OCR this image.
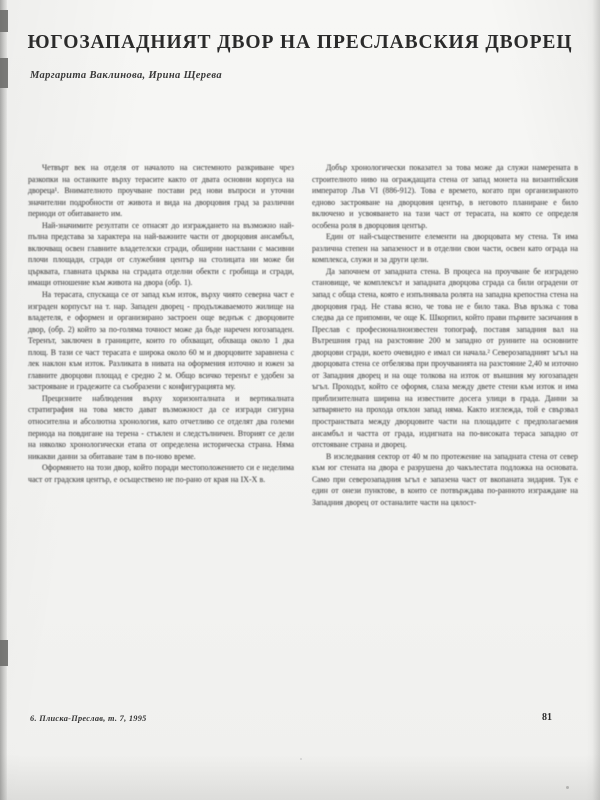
ЮГОЗАПАДНИЯТ ДВОР НА ПРЕСЛАВСКИЯ ДВОРЕЦ
Маргарита Ваклинова, Ирина Щерева

Четвърт век на отделя от началото на системното разкриване чрез разкопки на останките върху терасите както от двата основни корпуса на двореца¹. Внимателното проучване постави ред нови въпроси и уточни значителни подробности от живота и вида на дворцовия град за различни периоди от обитаването им.

Най-значимите резултати се отнасят до изграждането на възможно най-пълна представа за характера на най-важните части от дворцовия ансамбъл, включващ освен главните владетелски сгради, обширни настлани с масивни плочи площади, сгради от служебния център на столицата ни може би църквата, главната църква на сградата отделни обекти с гробища и сгради, имащи отношение към живота на двора (обр. 1).

На терасата, спускаща се от запад към изток, върху чиято северна част е изграден корпусът на т. нар. Западен дворец - продължаваемото жилище на владетеля, е оформен и организирано застроен още веднъж с дворцовите двор, (обр. 2) който за по-голяма точност може да бъде наречен югозападен. Теренът, заключен в границите, които го обхващат, обхваща около 1 дка площ. В тази се част терасата е широка около 60 м и дворцовите заравнена с лек наклон към изток. Разликата в нивата на оформения източно и южен за главните дворцови площад е средно 2 м. Общо всичко теренът е удобен за застрояване и градежите са съобразени с конфигурацията му.

Прецизните наблюдения върху хоризонталната и вертикалната стратиграфия на това място дават възможност да се изгради сигурна относителна и абсолютна хронология, като отчетливо се отделят два големи периода на повдигане на терена - стъклен и следстълничен. Вторият се дели на няколко хронологически етапа от определена историческа страна. Няма никакви данни за обитаване там в по-ново време.

Оформянето на този двор, който поради местоположението си е неделима част от градския център, е осъществено не по-рано от края на IX-X в.

Добър хронологически показател за това може да служи намерената в строителното ниво на ограждащата стена от запад монета на византийския император Лъв VI (886-912). Това е времето, когато при организираното едново застрояване на дворцовия център, в неговото планиране е било включено и усвояването на тази част от терасата, на която се определя особена роля в дворцовия център.

Един от най-съществените елементи на дворцовата му стена. Тя има различна степен на запазеност и в отделни свои части, освен като ограда на комплекса, служи и за други цели.

Да започнем от западната стена. В процеса на проучване бе изградено становище, че комплексът и западната дворцова сграда са били оградени от запад с обща стена, която е изпълнявала ролята на западна крепостна стена на дворцовия град. Не става ясно, че това не е било така. Във връзка с това следва да се припомни, че още К. Шкорпил, който прави първите засичания в Преслав с професионалноизвестен топограф, поставя западния вал на Вътрешния град на разстояние 200 м западно от руините на основните дворцови сгради, което очевидно е имал си начала.² Северозападният ъгъл на дворцовата стена се отбелязва при проучванията на разстояние 2,40 м източно от Западния дворец и на още толкова на изток от външния му югозападен ъгъл. Проходът, който се оформя, слаза между двете стени към изток и има приблизителната ширина на известните досега улици в града. Данни за затварянето на прохода отклон запад няма. Както изглежда, той е свързвал пространствата между дворцовите части на площадите с предполагаемия ансамбъл и частта от града, издигната на по-високата тераса западно от отстояване страна и дворец.

В изследвания сектор от 40 м по протежение на западната стена от север към юг стената на двора е разрушена до чакълестата подложка на основата. Само при северозападния ъгъл е запазена част от вкопаната зидария. Тук е един от онези пунктове, в които се потвърждава по-ранното изграждане на Западния дворец от останалите части на цялост-

6. Плиска-Преслав, т. 7, 1995	81
